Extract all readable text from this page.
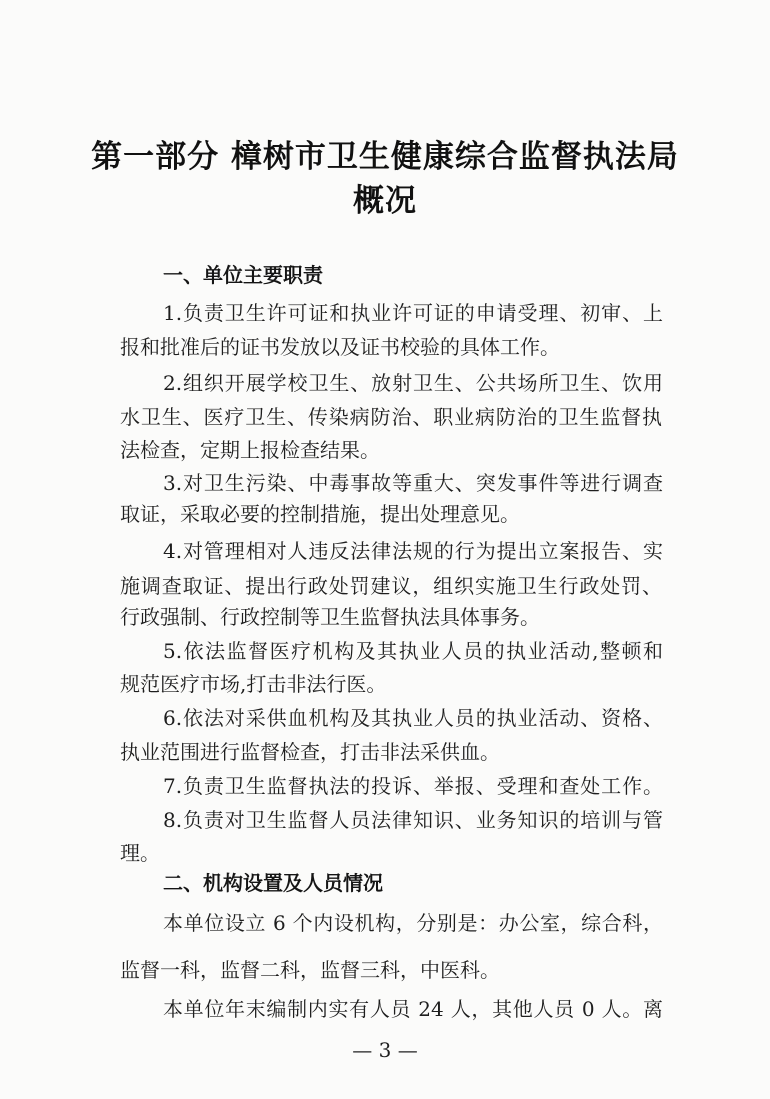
第一部分 樟树市卫生健康综合监督执法局
概况
一、单位主要职责
1.负责卫生许可证和执业许可证的申请受理、初审、上
报和批准后的证书发放以及证书校验的具体工作。
2.组织开展学校卫生、放射卫生、公共场所卫生、饮用
水卫生、医疗卫生、传染病防治、职业病防治的卫生监督执
法检查，定期上报检查结果。
3.对卫生污染、中毒事故等重大、突发事件等进行调查
取证，采取必要的控制措施，提出处理意见。
4.对管理相对人违反法律法规的行为提出立案报告、实
施调查取证、提出行政处罚建议，组织实施卫生行政处罚、
行政强制、行政控制等卫生监督执法具体事务。
5.依法监督医疗机构及其执业人员的执业活动,整顿和
规范医疗市场,打击非法行医。
6.依法对采供血机构及其执业人员的执业活动、资格、
执业范围进行监督检查，打击非法采供血。
7.负责卫生监督执法的投诉、举报、受理和查处工作。
8.负责对卫生监督人员法律知识、业务知识的培训与管
理。
二、机构设置及人员情况
本单位设立 6 个内设机构，分别是：办公室，综合科，
监督一科，监督二科，监督三科，中医科。
本单位年末编制内实有人员 24 人，其他人员 0 人。离
— 3 —
